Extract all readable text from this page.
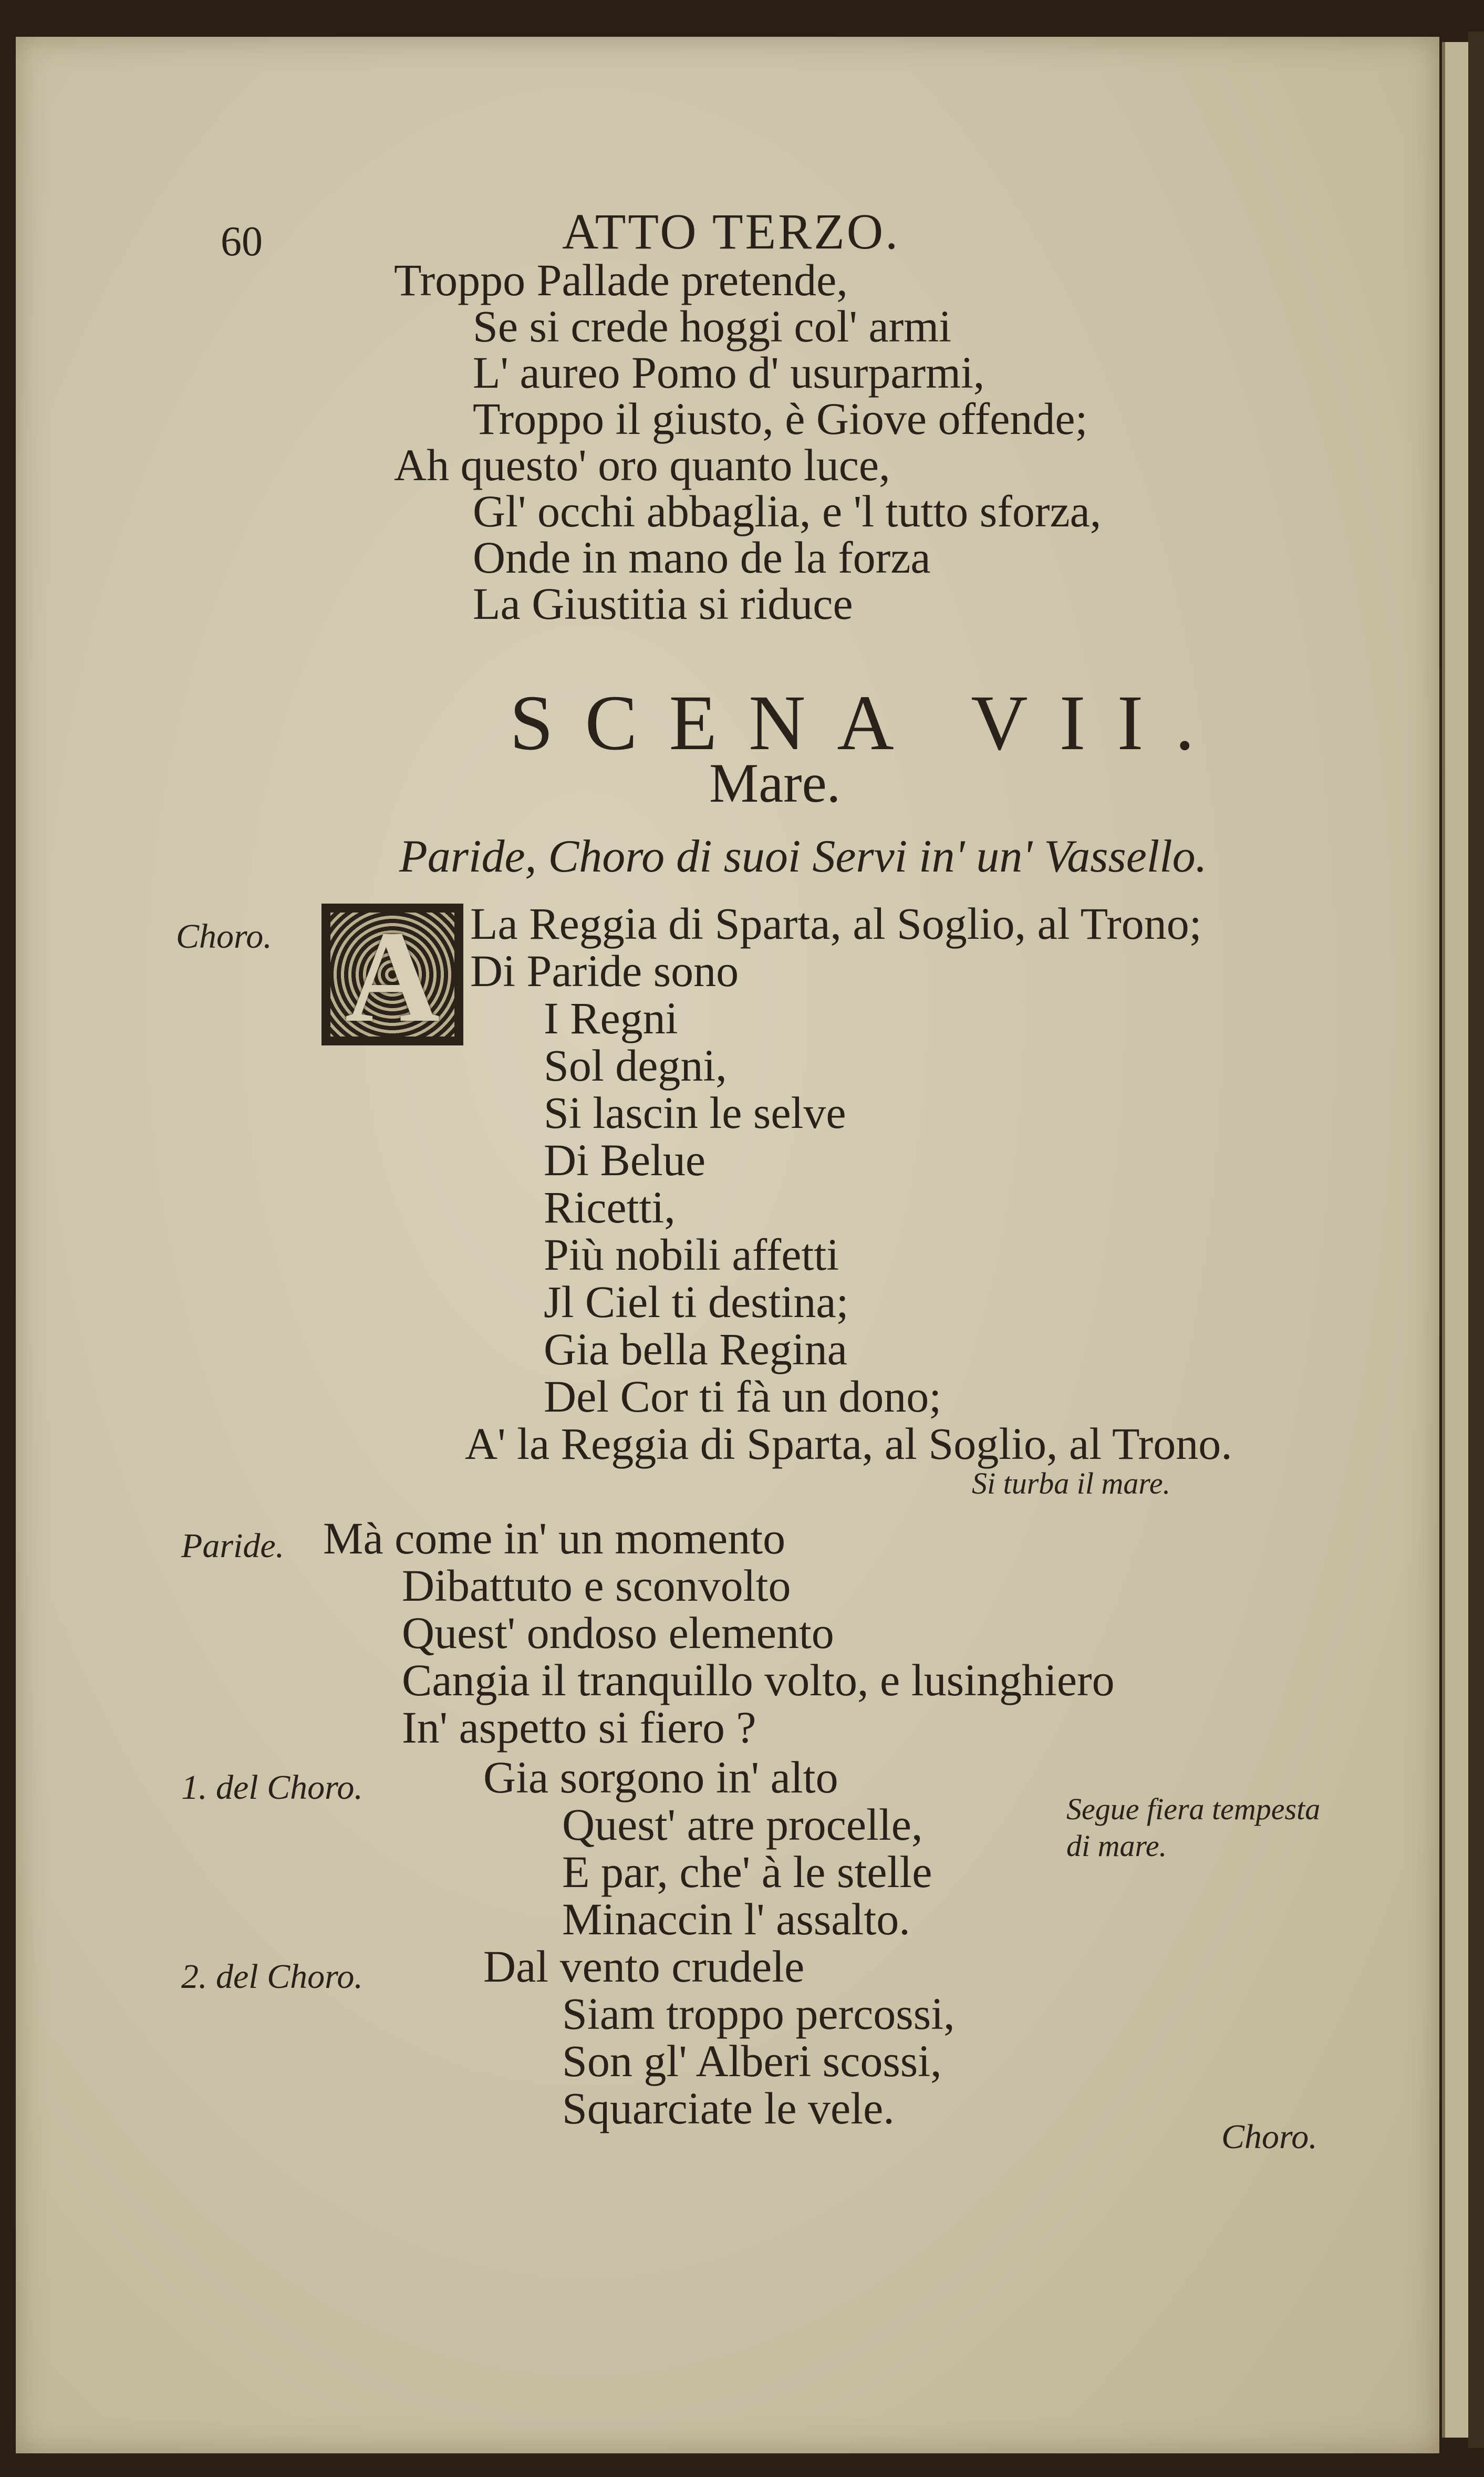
60	ATTO TERZO.
Troppo Pallade pretende,
Se si crede hoggi col' armi
L' aureo Pomo d' usurparmi,
Troppo il giusto, è Giove offende;
Ah questo' oro quanto luce,
Gl' occhi abbaglia, e 'l tutto sforza,
Onde in mano de la forza
La Giustitia si riduce
SCENA VII.
Mare.
Paride, Choro di suoi Servi in' un' Vassello.
Choro. A La Reggia di Sparta, al Soglio, al Trono;
Di Paride sono
I Regni
Sol degni,
Si lascin le selve
Di Belue
Ricetti,
Più nobili affetti
Jl Ciel ti destina;
Gia bella Regina
Del Cor ti fà un dono;
A' la Reggia di Sparta, al Soglio, al Trono.
Si turba il mare.
Paride. Mà come in' un momento
Dibattuto e sconvolto
Quest' ondoso elemento
Cangia il tranquillo volto, e lusinghiero
In' aspetto si fiero ?
1. del Choro.	Gia sorgono in' alto
Quest' atre procelle,
E par, che' à le stelle
Minaccin l' assalto.
Segue fiera tempesta
di mare.
2. del Choro.	Dal vento crudele
Siam troppo percossi,
Son gl' Alberi scossi,
Squarciate le vele.
Choro.
